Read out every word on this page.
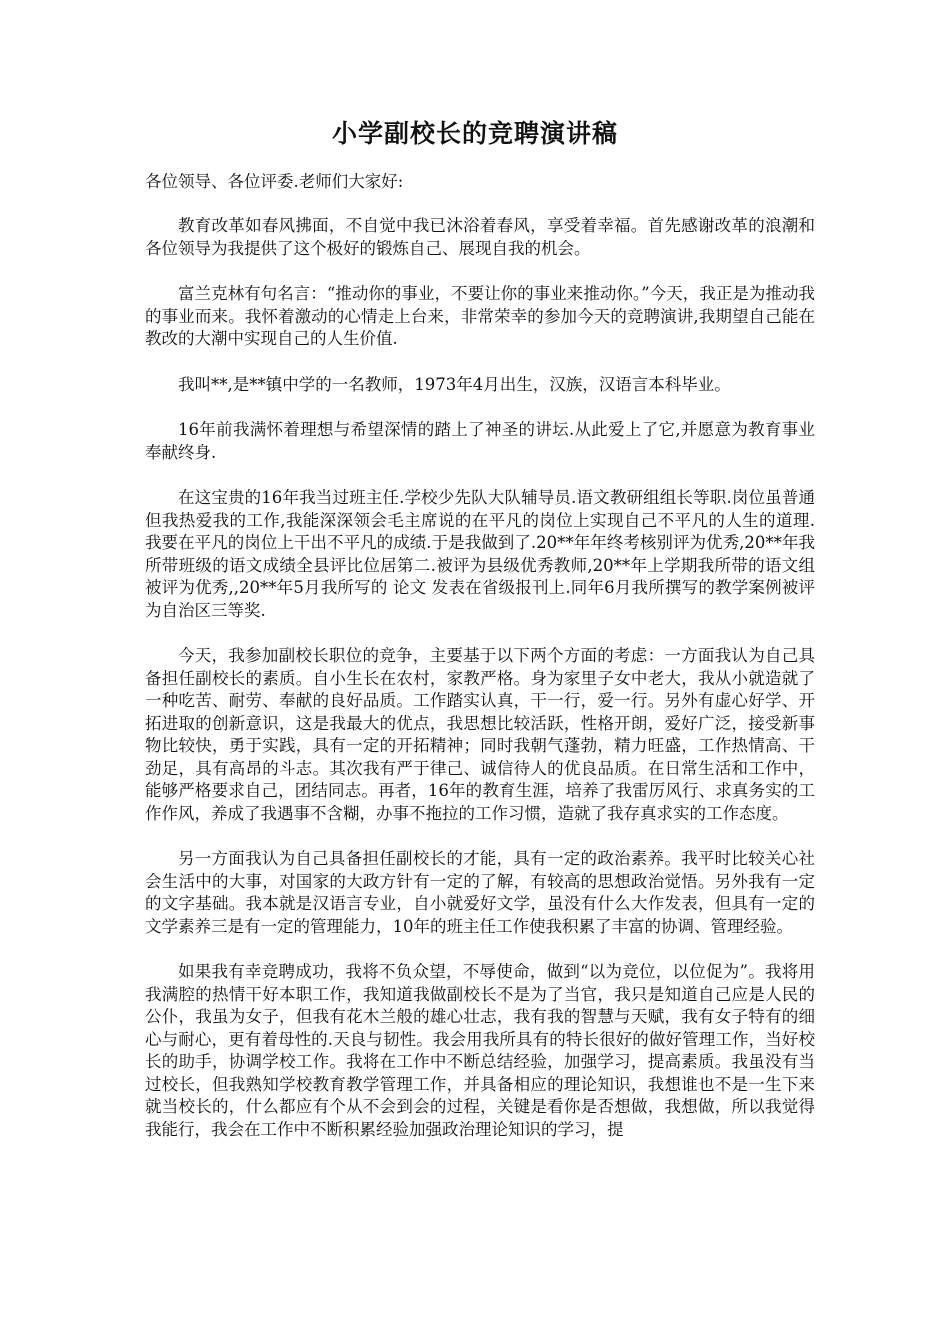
小学副校长的竞聘演讲稿

各位领导、各位评委.老师们大家好:

教育改革如春风拂面，不自觉中我已沐浴着春风，享受着幸福。首先感谢改革的浪潮和各位领导为我提供了这个极好的锻炼自己、展现自我的机会。

富兰克林有句名言：“推动你的事业，不要让你的事业来推动你。”今天，我正是为推动我的事业而来。我怀着激动的心情走上台来，非常荣幸的参加今天的竞聘演讲,我期望自己能在教改的大潮中实现自己的人生价值.

我叫**,是**镇中学的一名教师，1973年4月出生，汉族，汉语言本科毕业。

16年前我满怀着理想与希望深情的踏上了神圣的讲坛.从此爱上了它,并愿意为教育事业奉献终身.

在这宝贵的16年我当过班主任.学校少先队大队辅导员.语文教研组组长等职.岗位虽普通但我热爱我的工作,我能深深领会毛主席说的在平凡的岗位上实现自己不平凡的人生的道理.我要在平凡的岗位上干出不平凡的成绩.于是我做到了.20**年年终考核别评为优秀,20**年我所带班级的语文成绩全县评比位居第二.被评为县级优秀教师,20**年上学期我所带的语文组被评为优秀,,20**年5月我所写的 论文 发表在省级报刊上.同年6月我所撰写的教学案例被评为自治区三等奖.

今天，我参加副校长职位的竞争，主要基于以下两个方面的考虑：一方面我认为自己具备担任副校长的素质。自小生长在农村，家教严格。身为家里子女中老大，我从小就造就了一种吃苦、耐劳、奉献的良好品质。工作踏实认真，干一行，爱一行。另外有虚心好学、开拓进取的创新意识，这是我最大的优点，我思想比较活跃，性格开朗，爱好广泛，接受新事物比较快，勇于实践，具有一定的开拓精神；同时我朝气蓬勃，精力旺盛，工作热情高、干劲足，具有高昂的斗志。其次我有严于律己、诚信待人的优良品质。在日常生活和工作中，能够严格要求自己，团结同志。再者，16年的教育生涯，培养了我雷厉风行、求真务实的工作作风，养成了我遇事不含糊，办事不拖拉的工作习惯，造就了我存真求实的工作态度。

另一方面我认为自己具备担任副校长的才能，具有一定的政治素养。我平时比较关心社会生活中的大事，对国家的大政方针有一定的了解，有较高的思想政治觉悟。另外我有一定的文字基础。我本就是汉语言专业，自小就爱好文学，虽没有什么大作发表，但具有一定的文学素养三是有一定的管理能力，10年的班主任工作使我积累了丰富的协调、管理经验。

如果我有幸竞聘成功，我将不负众望，不辱使命，做到“以为竞位，以位促为”。我将用我满腔的热情干好本职工作，我知道我做副校长不是为了当官，我只是知道自己应是人民的公仆，我虽为女子，但我有花木兰般的雄心壮志，我有我的智慧与天赋，我有女子特有的细心与耐心，更有着母性的.天良与韧性。我会用我所具有的特长很好的做好管理工作，当好校长的助手，协调学校工作。我将在工作中不断总结经验，加强学习，提高素质。我虽没有当过校长，但我熟知学校教育教学管理工作，并具备相应的理论知识，我想谁也不是一生下来就当校长的，什么都应有个从不会到会的过程，关键是看你是否想做，我想做，所以我觉得我能行，我会在工作中不断积累经验加强政治理论知识的学习，提
